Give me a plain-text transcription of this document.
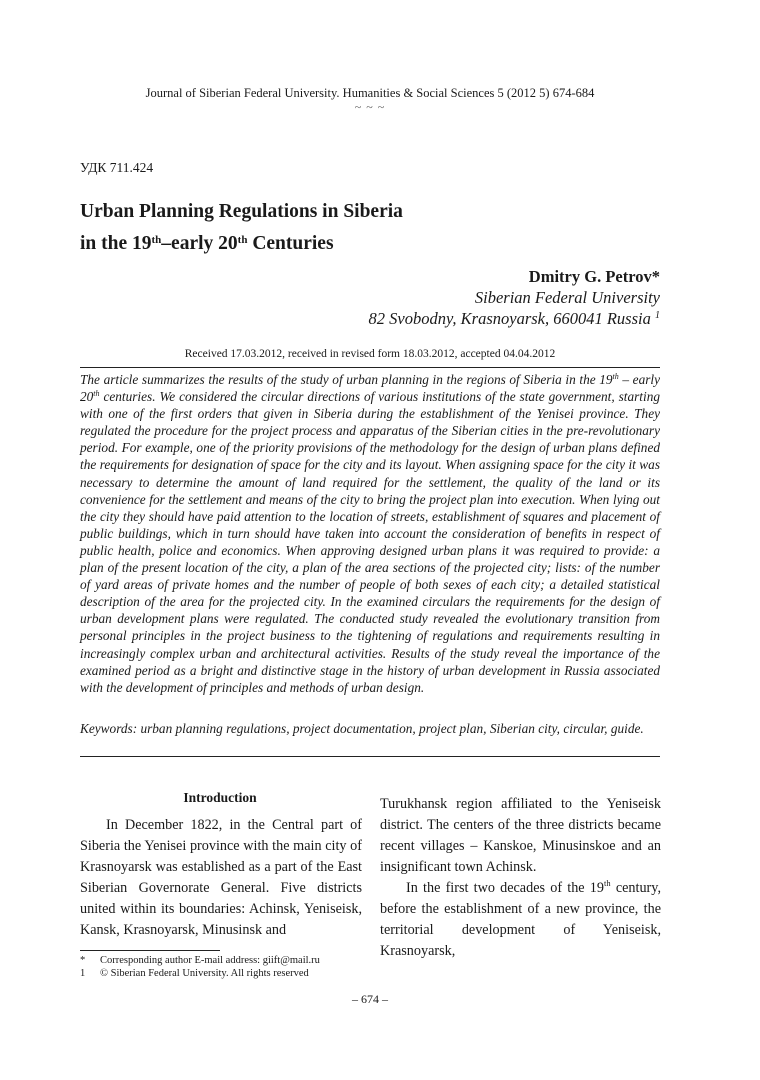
Journal of Siberian Federal University. Humanities & Social Sciences 5 (2012 5) 674-684
~ ~ ~
УДК 711.424
Urban Planning Regulations in Siberia
in the 19th–early 20th Centuries
Dmitry G. Petrov*
Siberian Federal University
82 Svobodny, Krasnoyarsk, 660041 Russia $^1$
Received 17.03.2012, received in revised form 18.03.2012, accepted 04.04.2012

The article summarizes the results of the study of urban planning in the regions of Siberia in the 19th – early 20th centuries. We considered the circular directions of various institutions of the state government, starting with one of the first orders that given in Siberia during the establishment of the Yenisei province. They regulated the procedure for the project process and apparatus of the Siberian cities in the pre-revolutionary period. For example, one of the priority provisions of the methodology for the design of urban plans defined the requirements for designation of space for the city and its layout. When assigning space for the city it was necessary to determine the amount of land required for the settlement, the quality of the land or its convenience for the settlement and means of the city to bring the project plan into execution. When lying out the city they should have paid attention to the location of streets, establishment of squares and placement of public buildings, which in turn should have taken into account the consideration of benefits in respect of public health, police and economics. When approving designed urban plans it was required to provide: a plan of the present location of the city, a plan of the area sections of the projected city; lists: of the number of yard areas of private homes and the number of people of both sexes of each city; a detailed statistical description of the area for the projected city. In the examined circulars the requirements for the design of urban development plans were regulated. The conducted study revealed the evolutionary transition from personal principles in the project business to the tightening of regulations and requirements resulting in increasingly complex urban and architectural activities. Results of the study reveal the importance of the examined period as a bright and distinctive stage in the history of urban development in Russia associated with the development of principles and methods of urban design.

Keywords: urban planning regulations, project documentation, project plan, Siberian city, circular, guide.

Introduction

In December 1822, in the Central part of Siberia the Yenisei province with the main city of Krasnoyarsk was established as a part of the East Siberian Governorate General. Five districts united within its boundaries: Achinsk, Yeniseisk, Kansk, Krasnoyarsk, Minusinsk and

Turukhansk region affiliated to the Yeniseisk district. The centers of the three districts became recent villages – Kanskoe, Minusinskoe and an insignificant town Achinsk.

In the first two decades of the 19th century, before the establishment of a new province, the territorial development of Yeniseisk, Krasnoyarsk,

* Corresponding author E-mail address: giift@mail.ru
1 © Siberian Federal University. All rights reserved
– 674 –
